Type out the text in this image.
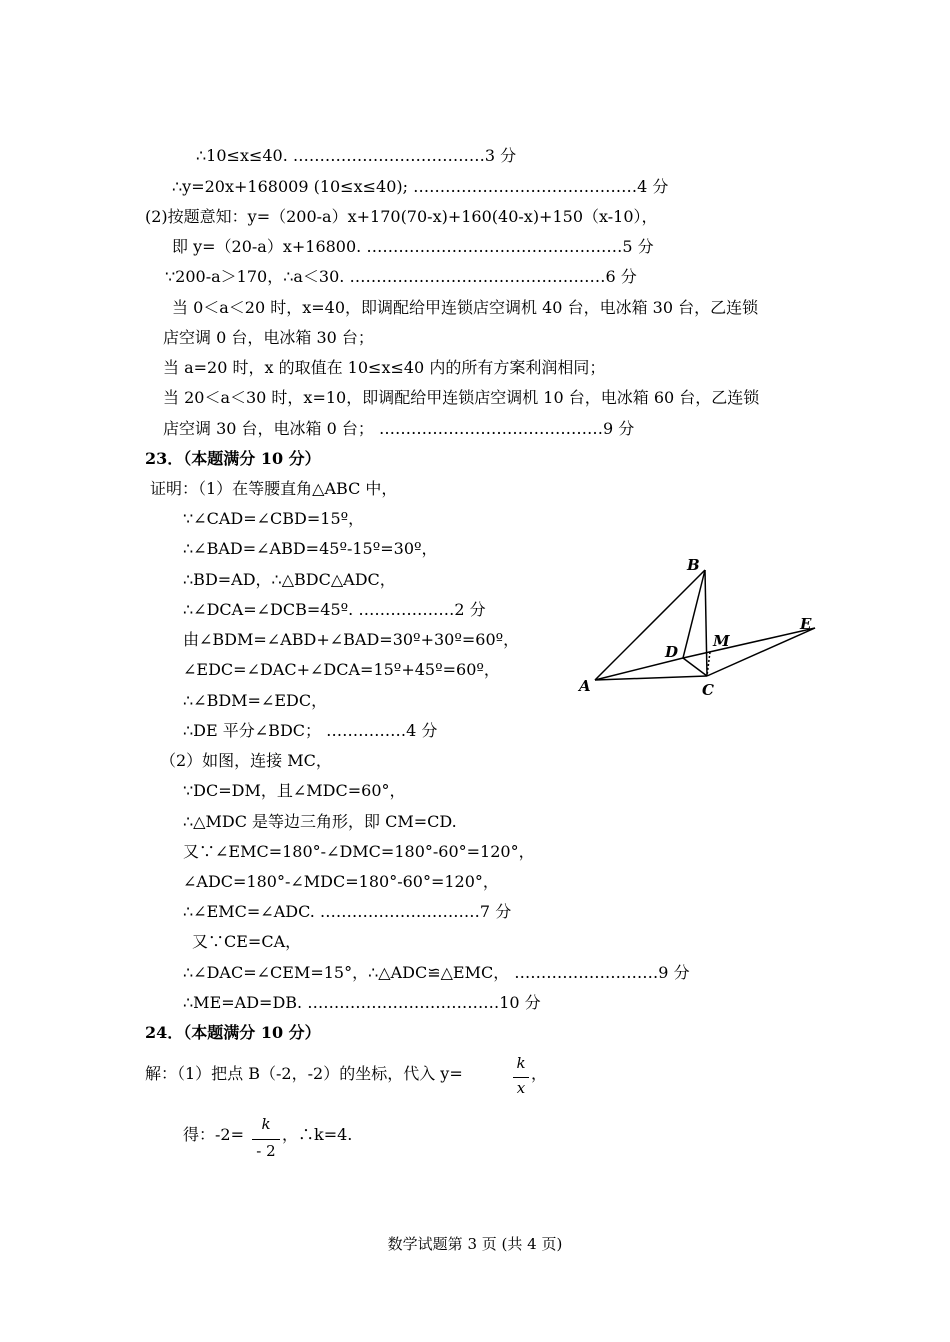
∴10≤x≤40. ………………………………3 分
∴y=20x+168009 (10≤x≤40); ……………………………………4 分
(2)按题意知：y=（200-a）x+170(70-x)+160(40-x)+150（x-10），
即 y=（20-a）x+16800. …………………………………………5 分
∵200-a＞170，∴a＜30. …………………………………………6 分
当 0＜a＜20 时，x=40，即调配给甲连锁店空调机 40 台，电冰箱 30 台，乙连锁
店空调 0 台，电冰箱 30 台；
当 a=20 时，x 的取值在 10≤x≤40 内的所有方案利润相同；
当 20＜a＜30 时，x=10，即调配给甲连锁店空调机 10 台，电冰箱 60 台，乙连锁
店空调 30 台，电冰箱 0 台； ……………………………………9 分
23．（本题满分 10 分）
证明：（1）在等腰直角△ABC 中，
∵∠CAD=∠CBD=15º，
∴∠BAD=∠ABD=45º-15º=30º，
∴BD=AD，∴△BDC△ADC，
∴∠DCA=∠DCB=45º. ………………2 分
由∠BDM=∠ABD+∠BAD=30º+30º=60º，
∠EDC=∠DAC+∠DCA=15º+45º=60º，
∴∠BDM=∠EDC，
∴DE 平分∠BDC； ……………4 分
（2）如图，连接 MC，
∵DC=DM，且∠MDC=60°，
∴△MDC 是等边三角形，即 CM=CD.
又∵∠EMC=180°-∠DMC=180°-60°=120°，
∠ADC=180°-∠MDC=180°-60°=120°，
∴∠EMC=∠ADC. …………………………7 分
又∵CE=CA，
∴∠DAC=∠CEM=15°，∴△ADC≌△EMC， ………………………9 分
∴ME=AD=DB. ………………………………10 分
24．（本题满分 10 分）
解：（1）把点 B（-2，-2）的坐标，代入 y=
k
x
，
得：-2=
k
- 2
，∴k=4.
A
B
C
D
E
M
数学试题第 3 页 (共 4 页)
